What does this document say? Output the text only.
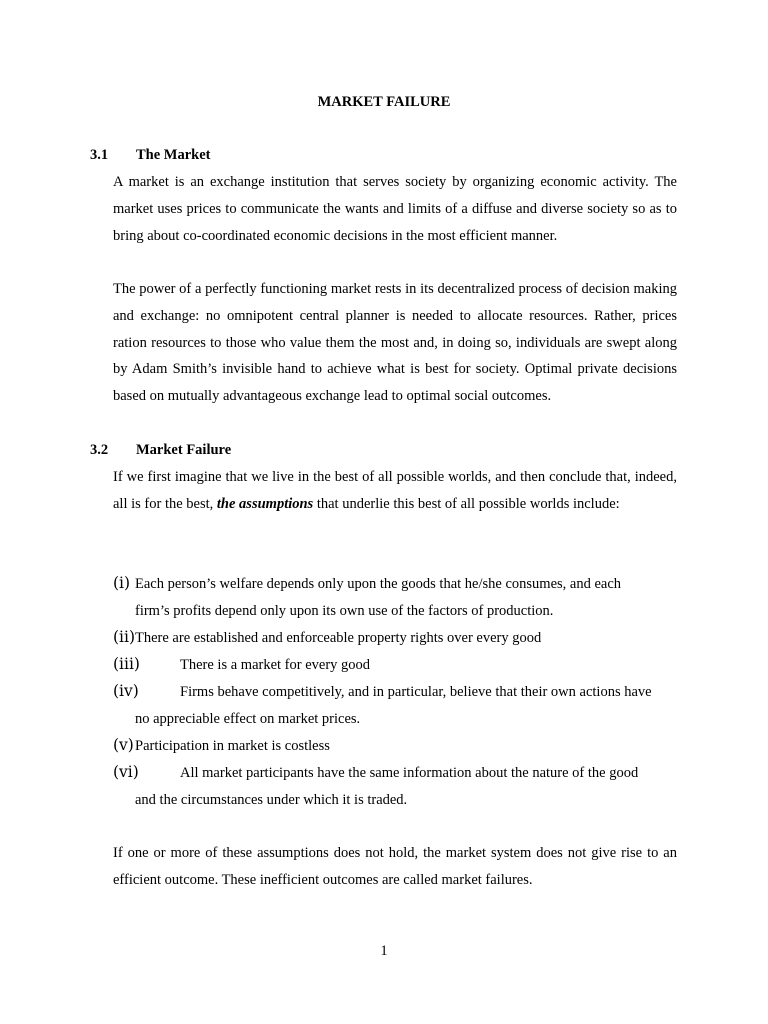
MARKET FAILURE
3.1 The Market
A market is an exchange institution that serves society by organizing economic activity. The market uses prices to communicate the wants and limits of a diffuse and diverse society so as to bring about co-coordinated economic decisions in the most efficient manner.
The power of a perfectly functioning market rests in its decentralized process of decision making and exchange: no omnipotent central planner is needed to allocate resources. Rather, prices ration resources to those who value them the most and, in doing so, individuals are swept along by Adam Smith’s invisible hand to achieve what is best for society. Optimal private decisions based on mutually advantageous exchange lead to optimal social outcomes.
3.2 Market Failure
If we first imagine that we live in the best of all possible worlds, and then conclude that, indeed, all is for the best, the assumptions that underlie this best of all possible worlds include:
(i) Each person’s welfare depends only upon the goods that he/she consumes, and each
firm’s profits depend only upon its own use of the factors of production.
(ii)There are established and enforceable property rights over every good
(iii)	There is a market for every good
(iv)	Firms behave competitively, and in particular, believe that their own actions have
no appreciable effect on market prices.
(v)Participation in market is costless
(vi)	All market participants have the same information about the nature of the good
and the circumstances under which it is traded.
If one or more of these assumptions does not hold, the market system does not give rise to an efficient outcome. These inefficient outcomes are called market failures.
1
